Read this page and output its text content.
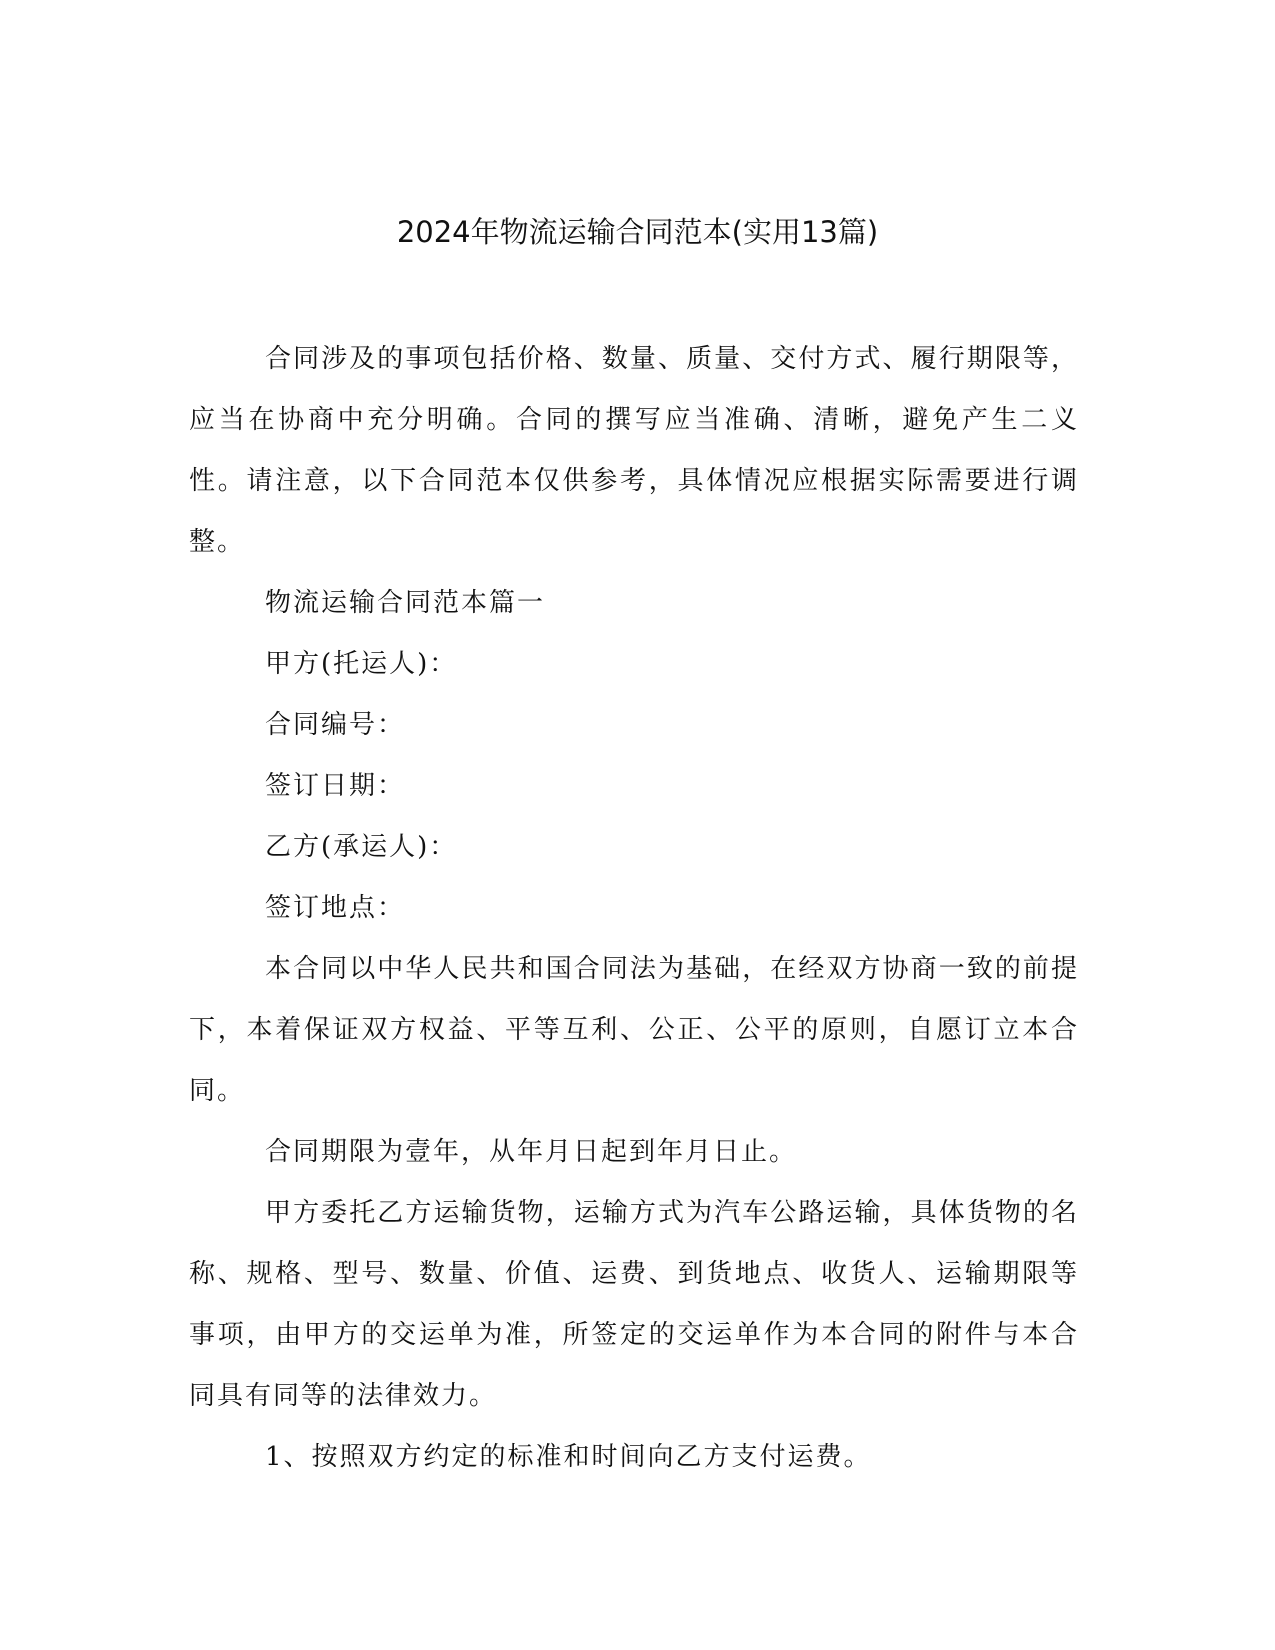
2024年物流运输合同范本(实用13篇)

合同涉及的事项包括价格、数量、质量、交付方式、履行期限等，应当在协商中充分明确。合同的撰写应当准确、清晰，避免产生二义性。请注意，以下合同范本仅供参考，具体情况应根据实际需要进行调整。

物流运输合同范本篇一

甲方(托运人)：

合同编号：

签订日期：

乙方(承运人)：

签订地点：

本合同以中华人民共和国合同法为基础，在经双方协商一致的前提下，本着保证双方权益、平等互利、公正、公平的原则，自愿订立本合同。

合同期限为壹年，从年月日起到年月日止。

甲方委托乙方运输货物，运输方式为汽车公路运输，具体货物的名称、规格、型号、数量、价值、运费、到货地点、收货人、运输期限等事项，由甲方的交运单为准，所签定的交运单作为本合同的附件与本合同具有同等的法律效力。

1、按照双方约定的标准和时间向乙方支付运费。
